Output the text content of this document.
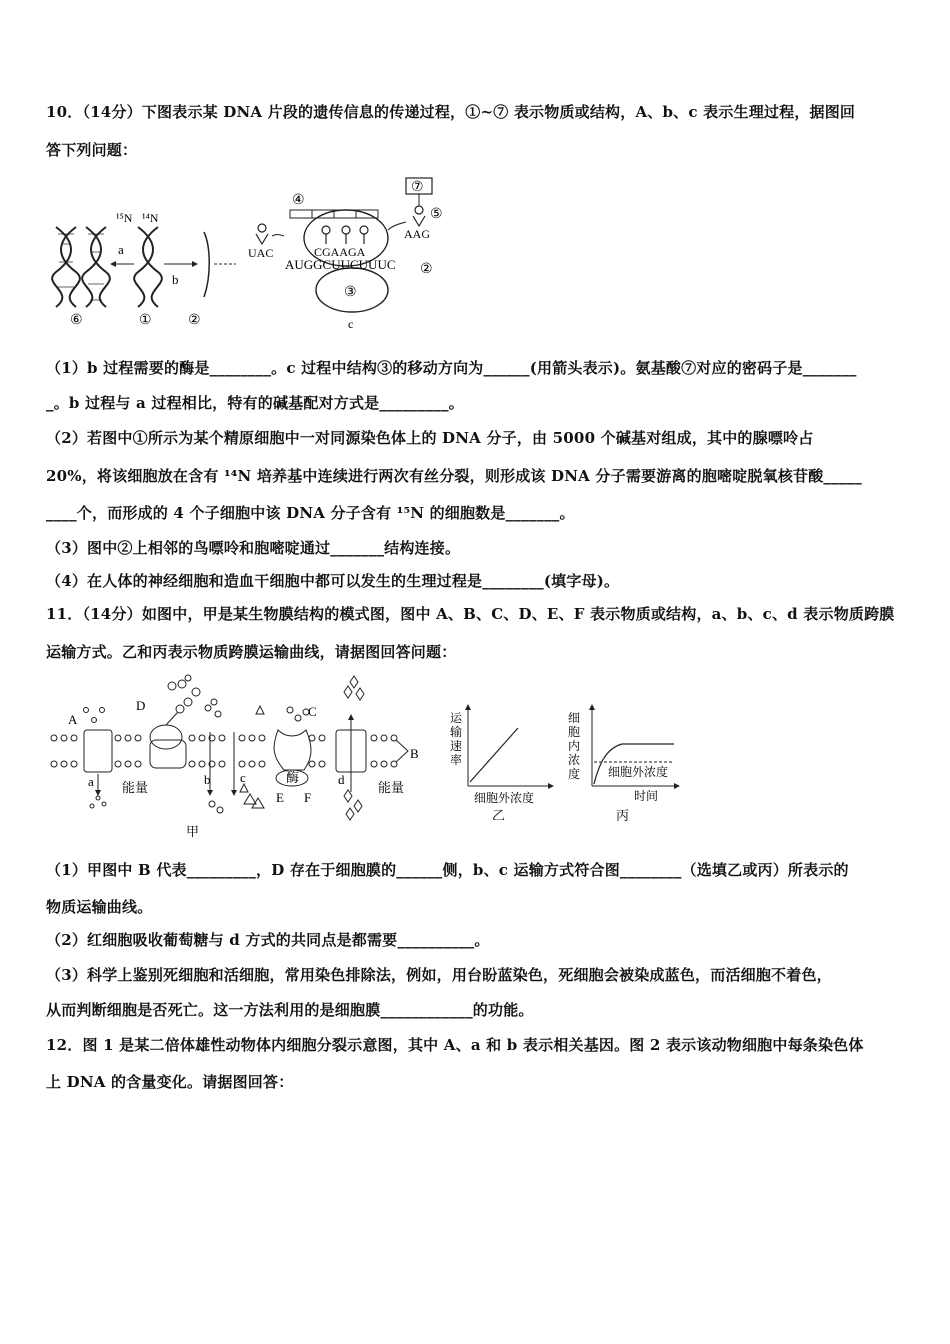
10．（14分）下图表示某 DNA 片段的遗传信息的传递过程，①~⑦ 表示物质或结构，A、b、c 表示生理过程，据图回
答下列问题：
a
¹⁵N ¹⁴N
b
⑥	①	②
③
c
AUGGCUUCUUUC ②
CGAAGA
④
UAC
⑦
⑤
AAG
（1）b 过程需要的酶是________。c 过程中结构③的移动方向为______(用箭头表示)。氨基酸⑦对应的密码子是_______
_。b 过程与 a 过程相比，特有的碱基配对方式是_________。
（2）若图中①所示为某个精原细胞中一对同源染色体上的 DNA 分子，由 5000 个碱基对组成，其中的腺嘌呤占
20%，将该细胞放在含有 ¹⁴N 培养基中连续进行两次有丝分裂，则形成该 DNA 分子需要游离的胞嘧啶脱氧核苷酸_____
____个，而形成的 4 个子细胞中该 DNA 分子含有 ¹⁵N 的细胞数是_______。
（3）图中②上相邻的鸟嘌呤和胞嘧啶通过_______结构连接。
（4）在人体的神经细胞和造血干细胞中都可以发生的生理过程是________(填字母)。
11．（14分）如图中，甲是某生物膜结构的模式图，图中 A、B、C、D、E、F 表示物质或结构，a、b、c、d 表示物质跨膜
运输方式。乙和丙表示物质跨膜运输曲线，请据图回答问题：
A
D	C
B
a	b c	d
酶
E F
能量	能量
甲
运
输
速
率
细胞外浓度
乙
细
胞
内
浓
度 细胞外浓度
时间
丙
（1）甲图中 B 代表_________，D 存在于细胞膜的______侧，b、c 运输方式符合图________（选填乙或丙）所表示的
物质运输曲线。
（2）红细胞吸收葡萄糖与 d 方式的共同点是都需要__________。
（3）科学上鉴别死细胞和活细胞，常用染色排除法，例如，用台盼蓝染色，死细胞会被染成蓝色，而活细胞不着色，
从而判断细胞是否死亡。这一方法利用的是细胞膜____________的功能。
12．图 1 是某二倍体雄性动物体内细胞分裂示意图，其中 A、a 和 b 表示相关基因。图 2 表示该动物细胞中每条染色体
上 DNA 的含量变化。请据图回答：
